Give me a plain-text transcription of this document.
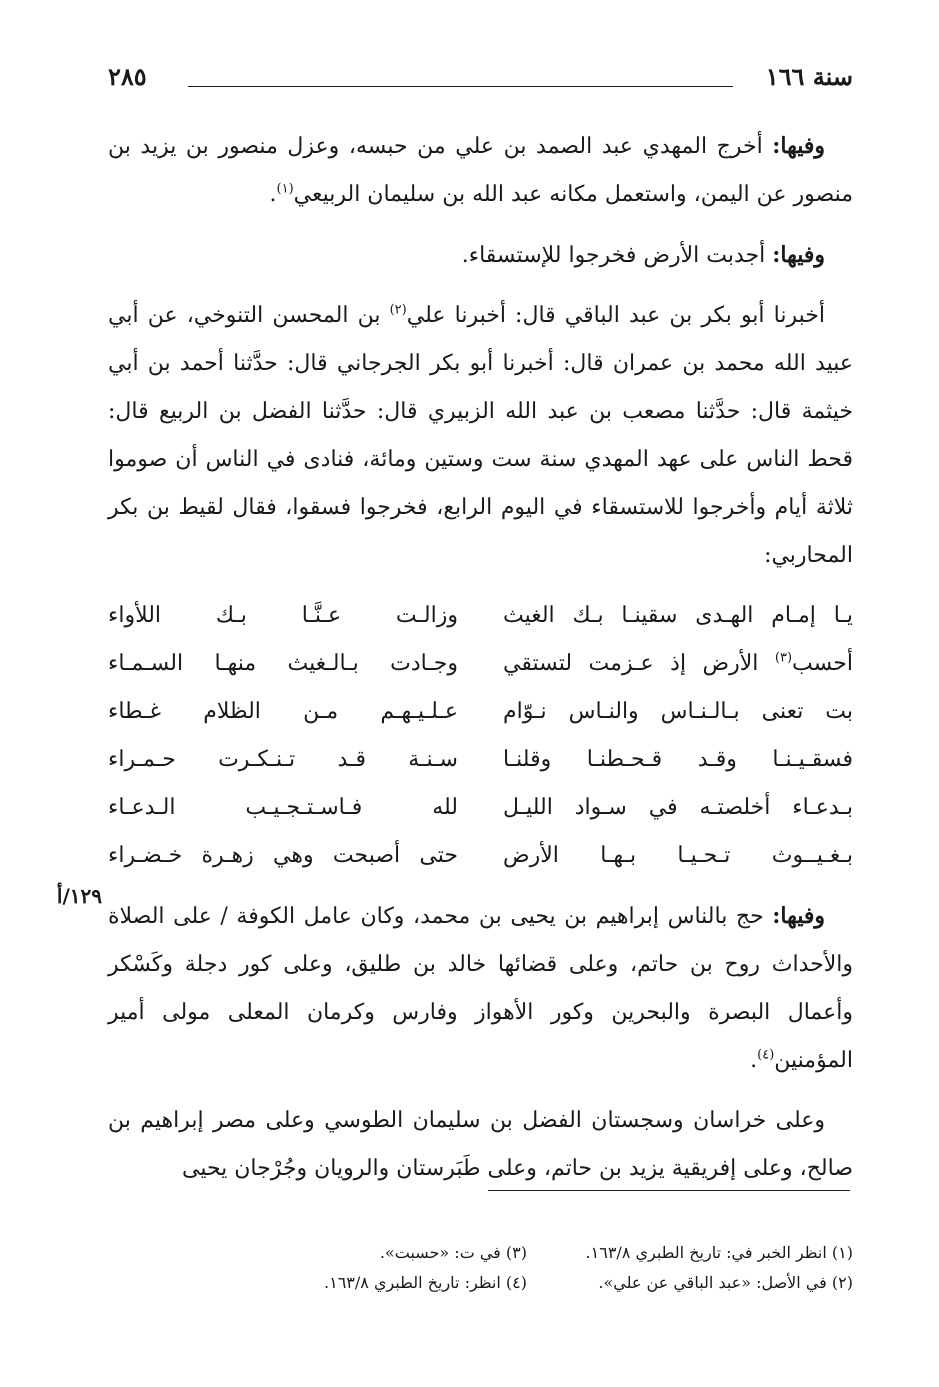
سنة ١٦٦
٢٨٥

وفيها: أخرج المهدي عبد الصمد بن علي من حبسه، وعزل منصور بن يزيد بن منصور عن اليمن، واستعمل مكانه عبد الله بن سليمان الربيعي$^{(١)}$.

وفيها: أجدبت الأرض فخرجوا للإستسقاء.

أخبرنا أبو بكر بن عبد الباقي قال: أخبرنا علي$^{(٢)}$ بن المحسن التنوخي، عن أبي عبيد الله محمد بن عمران قال: أخبرنا أبو بكر الجرجاني قال: حدَّثنا أحمد بن أبي خيثمة قال: حدَّثنا مصعب بن عبد الله الزبيري قال: حدَّثنا الفضل بن الربيع قال: قحط الناس على عهد المهدي سنة ست وستين ومائة، فنادى في الناس أن صوموا ثلاثة أيام وأخرجوا للاستسقاء في اليوم الرابع، فخرجوا فسقوا، فقال لقيط بن بكر المحاربي:

يـا إمـام الهـدى سقينـا بـك الغيث
وزالـت عـنَّـا بـك اللأواء
أحسب$^{(٣)}$ الأرض إذ عـزمت لتستقي
وجـادت بـالـغيث منهـا السـمـاء
بت تعنى بـالـنـاس والنـاس نـوّام
عـلـيـهـم مـن الظلام غـطاء
فسقـيـنـا وقـد قـحـطنـا وقلنـا
سـنـة قـد تـنـكـرت حـمـراء
بـدعـاء أخلصتـه في سـواد الليـل
لله فـاسـتـجـيـب الـدعـاء
بـغـيــوث تـحـيـا بـهـا الأرض
حتى أصبحت وهي زهـرة خـضـراء

وفيها: حج بالناس إبراهيم بن يحيى بن محمد، وكان عامل الكوفة / على الصلاة والأحداث روح بن حاتم، وعلى قضائها خالد بن طليق، وعلى كور دجلة وكَسْكر وأعمال البصرة والبحرين وكور الأهواز وفارس وكرمان المعلى مولى أمير المؤمنين$^{(٤)}$.

وعلى خراسان وسجستان الفضل بن سليمان الطوسي وعلى مصر إبراهيم بن صالح، وعلى إفريقية يزيد بن حاتم، وعلى طَبَرستان والرويان وجُرْجان يحيى

١٢٩/أ
(١) انظر الخبر في: تاريخ الطبري ١٦٣/٨.
(٣) في ت: «حسبت».
(٢) في الأصل: «عبد الباقي عن علي».
(٤) انظر: تاريخ الطبري ١٦٣/٨.
